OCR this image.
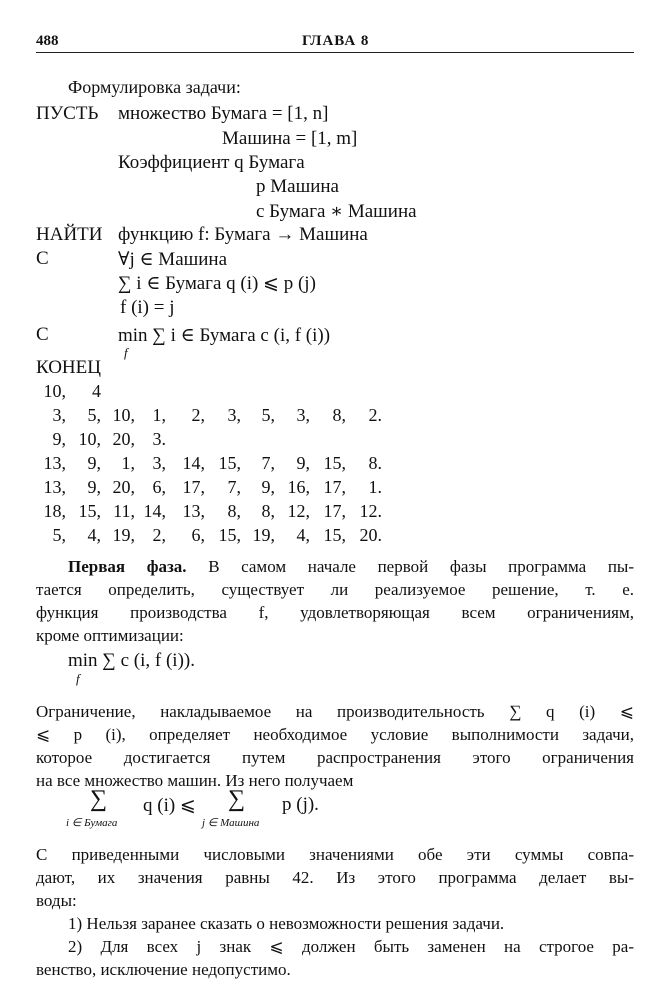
488	ГЛАВА 8
Формулировка задачи:
ПУСТЬ множество Бумага = [1, n]
Машина = [1, m]
Коэффициент q Бумага
p Машина
c Бумага ∗ Машина
НАЙТИ функцию f: Бумага → Машина
С	∀j ∈ Машина
∑ i ∈ Бумага q (i) ⩽ p (j)
f (i) = j
С	min ∑ i ∈ Бумага c (i, f (i))
f
КОНЕЦ
10,	4
3,	5, 10, 1,	2,	3,	5,	3,	8,	2.
9, 10, 20, 3.
13,	9,	1, 3, 14, 15,	7,	9, 15,	8.
13,	9, 20, 6, 17,	7,	9, 16, 17,	1.
18, 15, 11, 14, 13,	8,	8, 12, 17, 12.
5,	4, 19, 2,	6, 15, 19,	4, 15, 20.
Первая фаза. В самом начале первой фазы программа пы-
тается определить, существует ли реализуемое решение, т. е.
функция производства f, удовлетворяющая всем ограничениям,
кроме оптимизации:
min ∑ c (i, f (i)).
f
Ограничение, накладываемое на производительность ∑ q (i) ⩽
⩽ p (i), определяет необходимое условие выполнимости задачи,
которое достигается путем распространения этого ограничения
на все множество машин. Из него получаем
∑
i ∈ Бумага
q (i) ⩽ ∑
j ∈ Машина
p (j).
С приведенными числовыми значениями обе эти суммы совпа-
дают, их значения равны 42. Из этого программа делает вы-
воды:
1) Нельзя заранее сказать о невозможности решения задачи.
2) Для всех j знак ⩽ должен быть заменен на строгое ра-
венство, исключение недопустимо.
